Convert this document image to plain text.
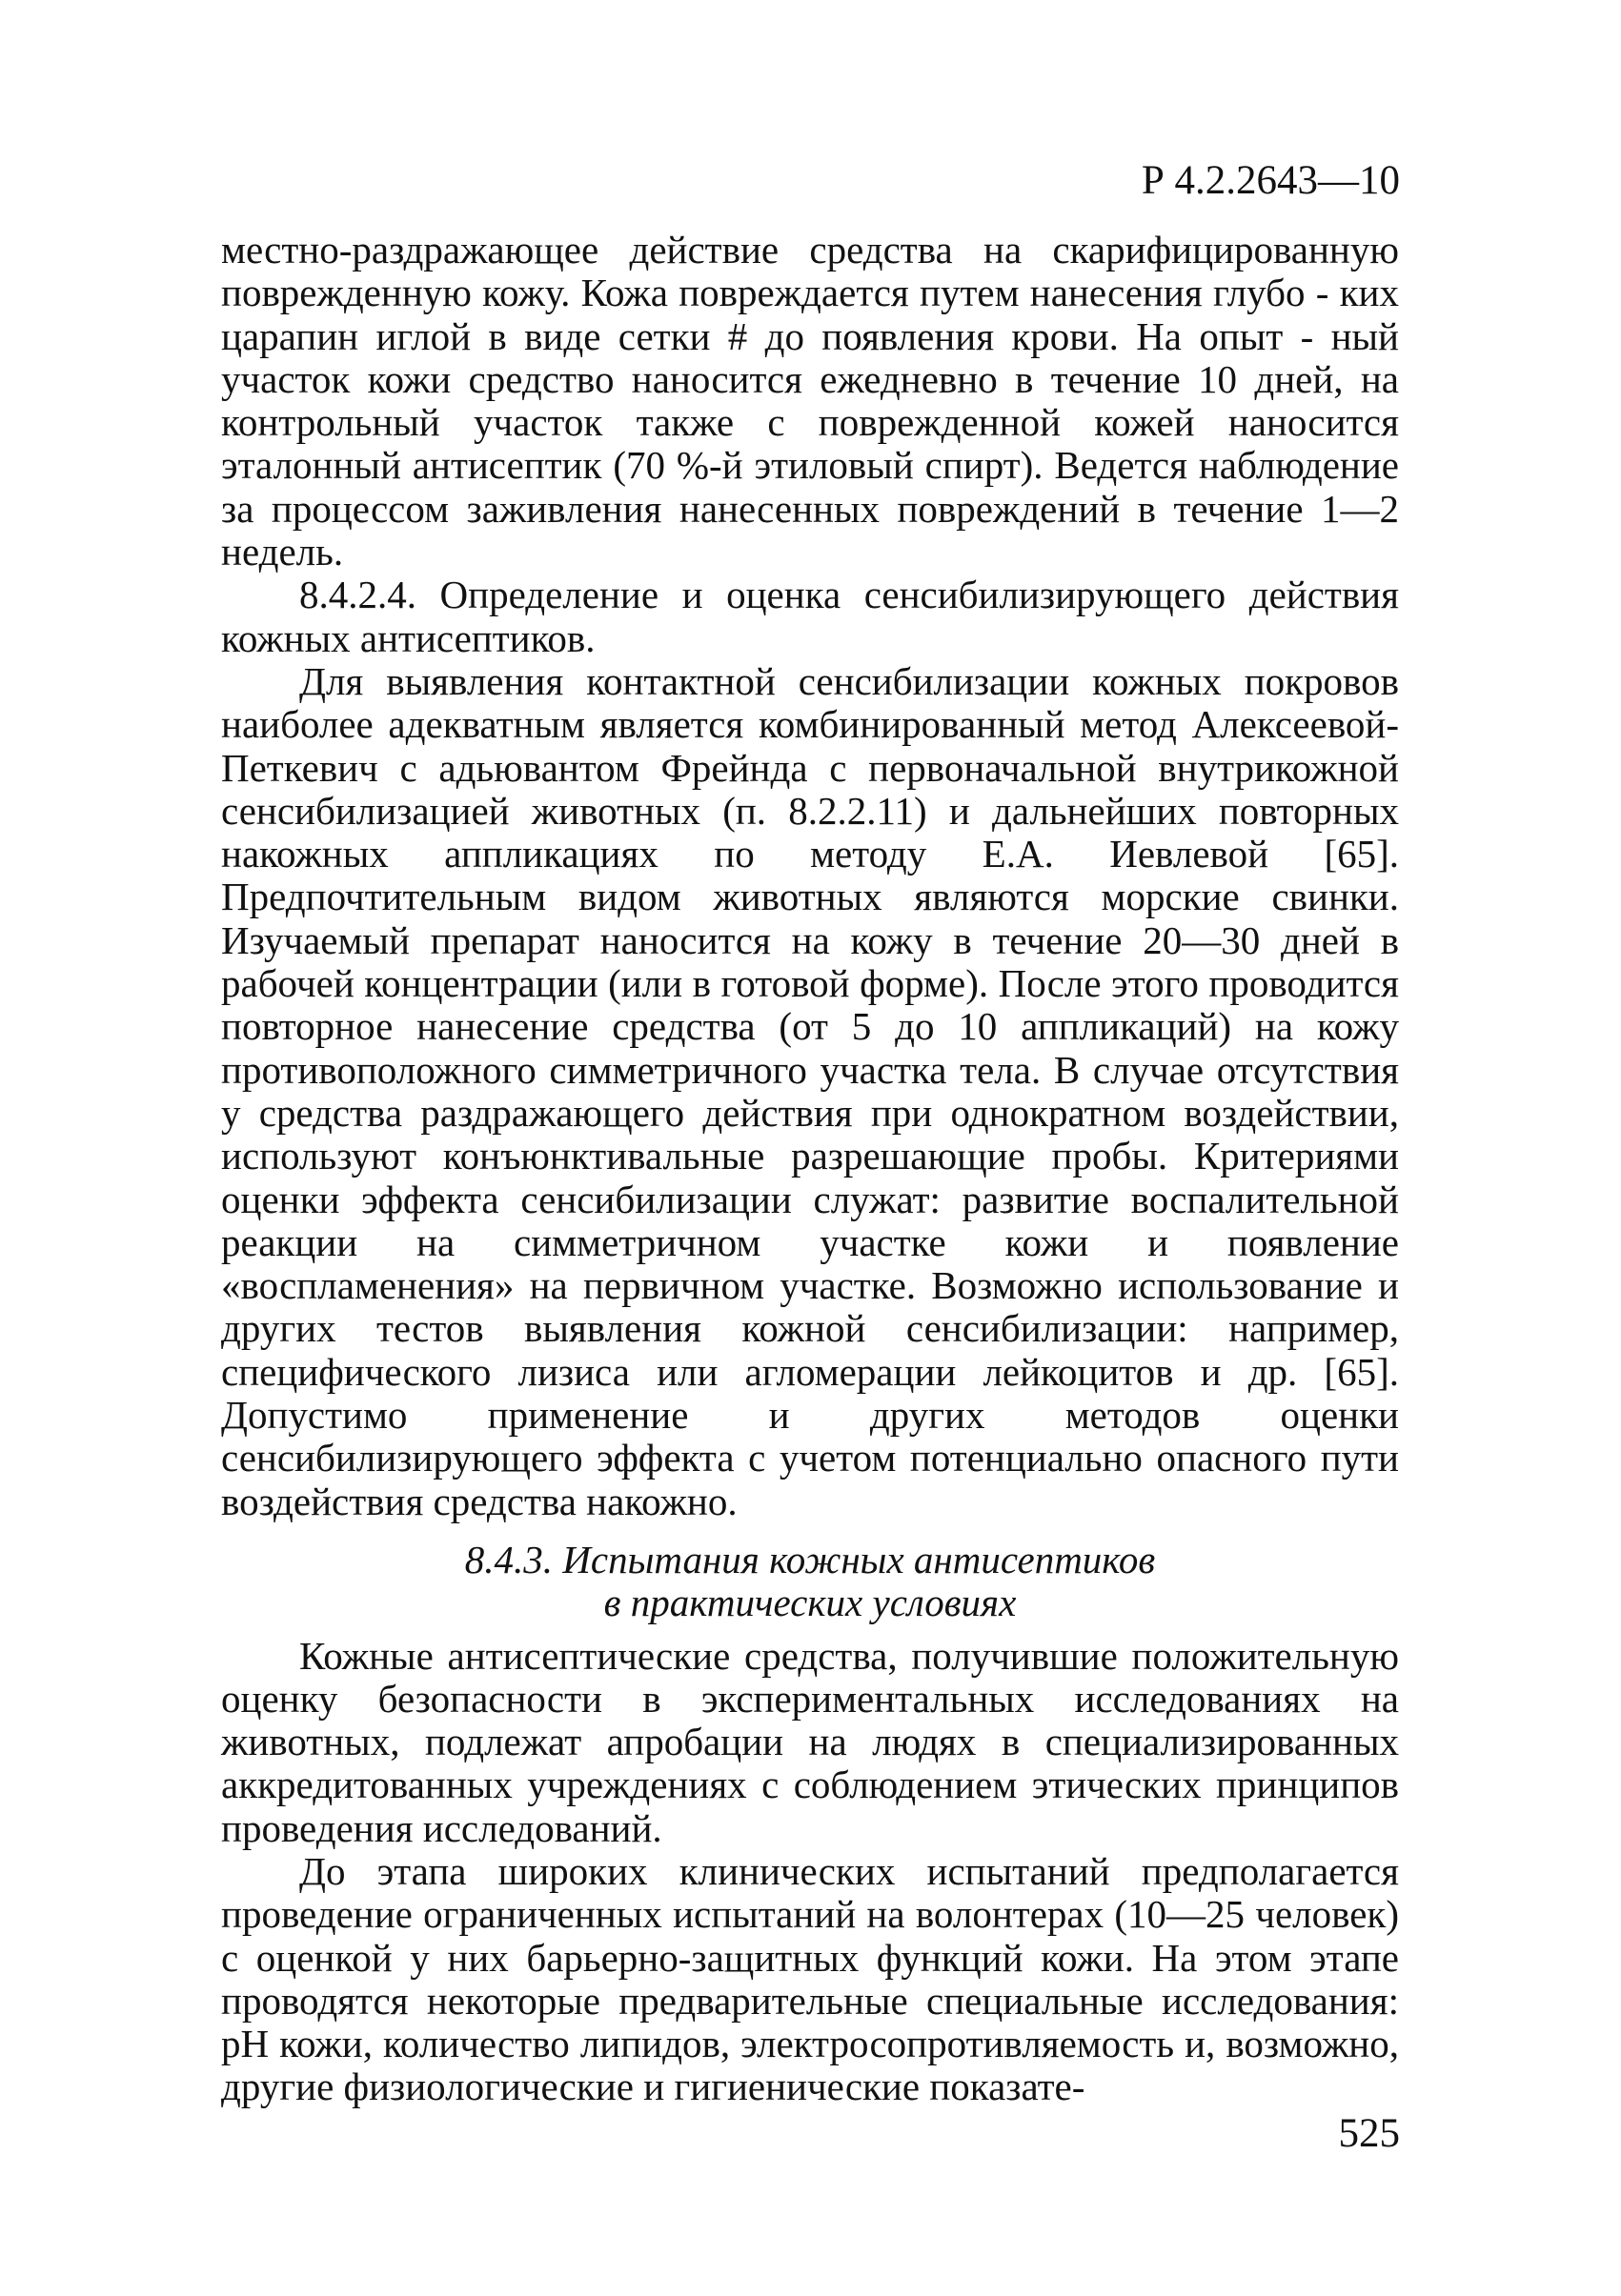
Р 4.2.2643—10

местно-раздражающее действие средства на скарифицированную поврежденную кожу. Кожа повреждается путем нанесения глубо - ких царапин иглой в виде сетки # до появления крови. На опыт - ный участок кожи средство наносится ежедневно в течение 10 дней, на контрольный участок также с поврежденной кожей наносится эталонный антисептик (70 %-й этиловый спирт). Ведется наблюдение за процессом заживления нанесенных повреждений в течение 1—2 недель.

8.4.2.4. Определение и оценка сенсибилизирующего действия кожных антисептиков.

Для выявления контактной сенсибилизации кожных покровов наиболее адекватным является комбинированный метод Алексеевой-Петкевич с адьювантом Фрейнда с первоначальной внутрикожной сенсибилизацией животных (п. 8.2.2.11) и дальнейших повторных накожных аппликациях по методу Е.А. Иевлевой [65]. Предпочтительным видом животных являются морские свинки. Изучаемый препарат наносится на кожу в течение 20—30 дней в рабочей концентрации (или в готовой форме). После этого проводится повторное нанесение средства (от 5 до 10 аппликаций) на кожу противоположного симметричного участка тела. В случае отсутствия у средства раздражающего действия при однократном воздействии, используют конъюнктивальные разрешающие пробы. Критериями оценки эффекта сенсибилизации служат: развитие воспалительной реакции на симметричном участке кожи и появление «воспламенения» на первичном участке. Возможно использование и других тестов выявления кожной сенсибилизации: например, специфического лизиса или агломерации лейкоцитов и др. [65]. Допустимо применение и других методов оценки сенсибилизирующего эффекта с учетом потенциально опасного пути воздействия средства накожно.

8.4.3. Испытания кожных антисептиков
в практических условиях

Кожные антисептические средства, получившие положительную оценку безопасности в экспериментальных исследованиях на животных, подлежат апробации на людях в специализированных аккредитованных учреждениях с соблюдением этических принципов проведения исследований.

До этапа широких клинических испытаний предполагается проведение ограниченных испытаний на волонтерах (10—25 человек) с оценкой у них барьерно-защитных функций кожи. На этом этапе проводятся некоторые предварительные специальные исследования: pH кожи, количество липидов, электросопротивляемость и, возможно, другие физиологические и гигиенические показате-

525
